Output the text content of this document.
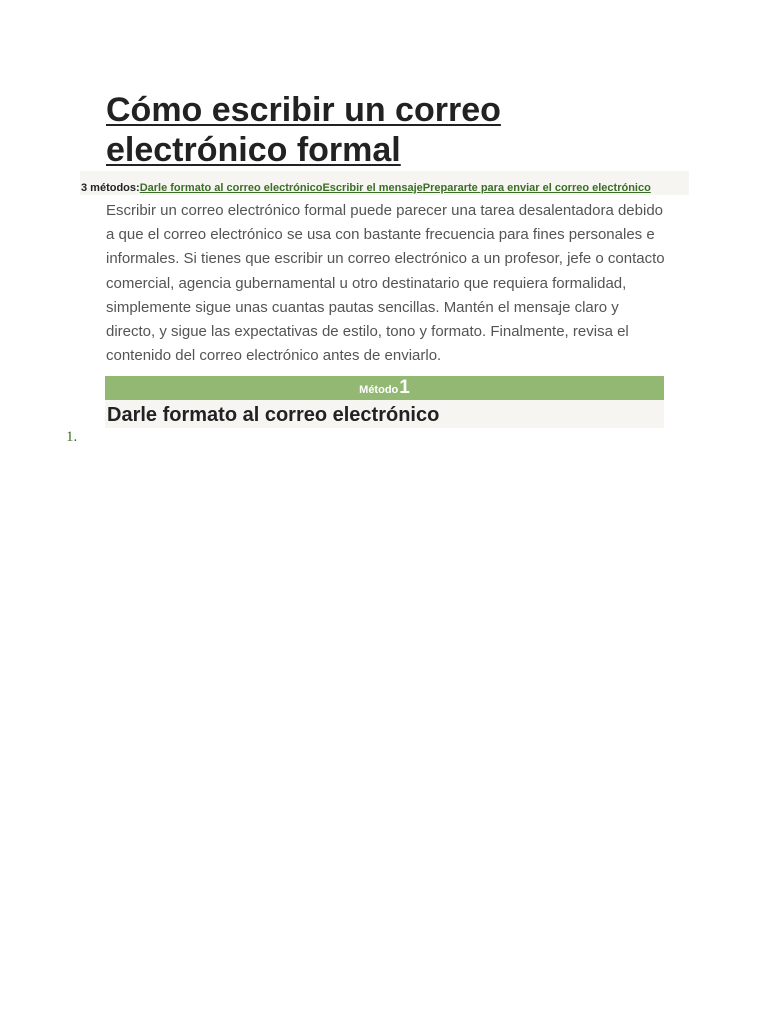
Cómo escribir un correo electrónico formal
3 métodos:Darle formato al correo electrónicoEscribir el mensajePrepararte para enviar el correo electrónico

Escribir un correo electrónico formal puede parecer una tarea desalentadora debido a que el correo electrónico se usa con bastante frecuencia para fines personales e informales. Si tienes que escribir un correo electrónico a un profesor, jefe o contacto comercial, agencia gubernamental u otro destinatario que requiera formalidad, simplemente sigue unas cuantas pautas sencillas. Mantén el mensaje claro y directo, y sigue las expectativas de estilo, tono y formato. Finalmente, revisa el contenido del correo electrónico antes de enviarlo.

Método1
Darle formato al correo electrónico
1.
